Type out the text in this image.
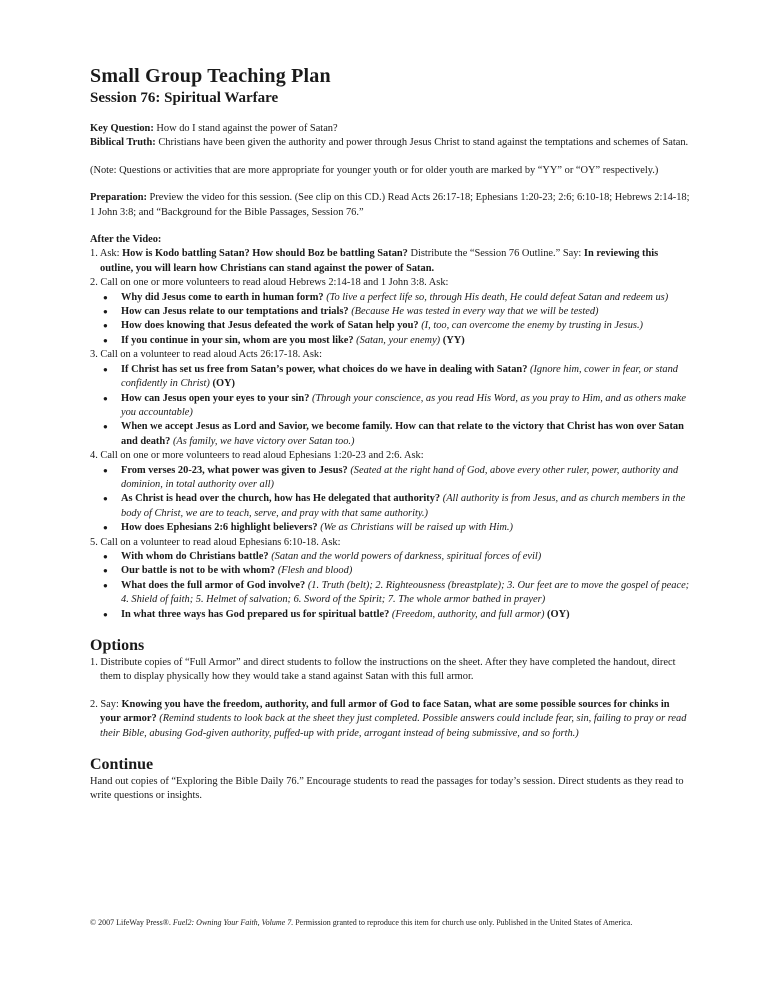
Small Group Teaching Plan
Session 76: Spiritual Warfare

Key Question: How do I stand against the power of Satan?

Biblical Truth: Christians have been given the authority and power through Jesus Christ to stand against the temptations and schemes of Satan.

(Note: Questions or activities that are more appropriate for younger youth or for older youth are marked by “YY” or “OY” respectively.)

Preparation: Preview the video for this session. (See clip on this CD.) Read Acts 26:17-18; Ephesians 1:20-23; 2:6; 6:10-18; Hebrews 2:14-18; 1 John 3:8; and “Background for the Bible Passages, Session 76.”

After the Video:

1. Ask: How is Kodo battling Satan? How should Boz be battling Satan? Distribute the “Session 76 Outline.” Say: In reviewing this outline, you will learn how Christians can stand against the power of Satan.

2. Call on one or more volunteers to read aloud Hebrews 2:14-18 and 1 John 3:8. Ask:

● Why did Jesus come to earth in human form? (To live a perfect life so, through His death, He could defeat Satan and redeem us)
● How can Jesus relate to our temptations and trials? (Because He was tested in every way that we will be tested)
● How does knowing that Jesus defeated the work of Satan help you? (I, too, can overcome the enemy by trusting in Jesus.)
● If you continue in your sin, whom are you most like? (Satan, your enemy) (YY)

3. Call on a volunteer to read aloud Acts 26:17-18. Ask:

● If Christ has set us free from Satan’s power, what choices do we have in dealing with Satan? (Ignore him, cower in fear, or stand confidently in Christ) (OY)
● How can Jesus open your eyes to your sin? (Through your conscience, as you read His Word, as you pray to Him, and as others make you accountable)
● When we accept Jesus as Lord and Savior, we become family. How can that relate to the victory that Christ has won over Satan and death? (As family, we have victory over Satan too.)

4. Call on one or more volunteers to read aloud Ephesians 1:20-23 and 2:6. Ask:

● From verses 20-23, what power was given to Jesus? (Seated at the right hand of God, above every other ruler, power, authority and dominion, in total authority over all)
● As Christ is head over the church, how has He delegated that authority? (All authority is from Jesus, and as church members in the body of Christ, we are to teach, serve, and pray with that same authority.)
● How does Ephesians 2:6 highlight believers? (We as Christians will be raised up with Him.)

5. Call on a volunteer to read aloud Ephesians 6:10-18. Ask:

● With whom do Christians battle? (Satan and the world powers of darkness, spiritual forces of evil)
● Our battle is not to be with whom? (Flesh and blood)
● What does the full armor of God involve? (1. Truth (belt); 2. Righteousness (breastplate); 3. Our feet are to move the gospel of peace; 4. Shield of faith; 5. Helmet of salvation; 6. Sword of the Spirit; 7. The whole armor bathed in prayer)
● In what three ways has God prepared us for spiritual battle? (Freedom, authority, and full armor) (OY)
Options

1. Distribute copies of “Full Armor” and direct students to follow the instructions on the sheet. After they have completed the handout, direct them to display physically how they would take a stand against Satan with this full armor.

2. Say: Knowing you have the freedom, authority, and full armor of God to face Satan, what are some possible sources for chinks in your armor? (Remind students to look back at the sheet they just completed. Possible answers could include fear, sin, failing to pray or read their Bible, abusing God-given authority, puffed-up with pride, arrogant instead of being submissive, and so forth.)

Continue

Hand out copies of “Exploring the Bible Daily 76.” Encourage students to read the passages for today’s session. Direct students as they read to write questions or insights.

© 2007 LifeWay Press®. Fuel2: Owning Your Faith, Volume 7. Permission granted to reproduce this item for church use only. Published in the United States of America.
